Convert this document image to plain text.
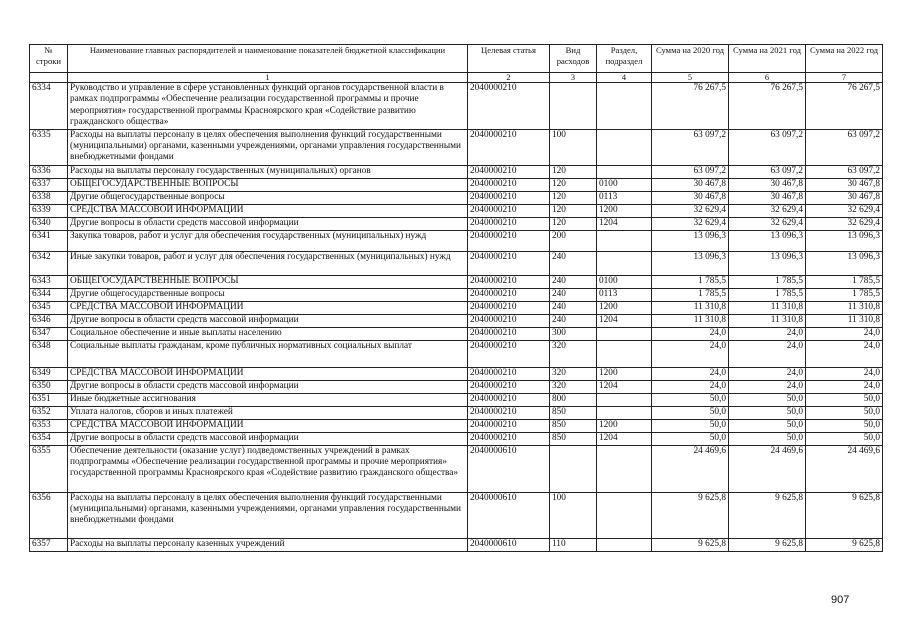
№ строки	Наименование главных распорядителей и наименование показателей бюджетной классификации	Целевая статья	Вид расходов	Раздел, подраздел	Сумма на 2020 год	Сумма на 2021 год	Сумма на 2022 год
	1	2	3	4	5	6	7
6334	Руководство и управление в сфере установленных функций органов государственной власти в рамках подпрограммы «Обеспечение реализации государственной программы и прочие мероприятия» государственной программы Красноярского края «Содействие развитию гражданского общества»	2040000210			76 267,5	76 267,5	76 267,5
6335	Расходы на выплаты персоналу в целях обеспечения выполнения функций государственными (муниципальными) органами, казенными учреждениями, органами управления государственными внебюджетными фондами	2040000210	100		63 097,2	63 097,2	63 097,2
6336	Расходы на выплаты персоналу государственных (муниципальных) органов	2040000210	120		63 097,2	63 097,2	63 097,2
6337	ОБЩЕГОСУДАРСТВЕННЫЕ ВОПРОСЫ	2040000210	120	0100	30 467,8	30 467,8	30 467,8
6338	Другие общегосударственные вопросы	2040000210	120	0113	30 467,8	30 467,8	30 467,8
6339	СРЕДСТВА МАССОВОЙ ИНФОРМАЦИИ	2040000210	120	1200	32 629,4	32 629,4	32 629,4
6340	Другие вопросы в области средств массовой информации	2040000210	120	1204	32 629,4	32 629,4	32 629,4
6341	Закупка товаров, работ и услуг для обеспечения государственных (муниципальных) нужд	2040000210	200		13 096,3	13 096,3	13 096,3
6342	Иные закупки товаров, работ и услуг для обеспечения государственных (муниципальных) нужд	2040000210	240		13 096,3	13 096,3	13 096,3
6343	ОБЩЕГОСУДАРСТВЕННЫЕ ВОПРОСЫ	2040000210	240	0100	1 785,5	1 785,5	1 785,5
6344	Другие общегосударственные вопросы	2040000210	240	0113	1 785,5	1 785,5	1 785,5
6345	СРЕДСТВА МАССОВОЙ ИНФОРМАЦИИ	2040000210	240	1200	11 310,8	11 310,8	11 310,8
6346	Другие вопросы в области средств массовой информации	2040000210	240	1204	11 310,8	11 310,8	11 310,8
6347	Социальное обеспечение и иные выплаты населению	2040000210	300		24,0	24,0	24,0
6348	Социальные выплаты гражданам, кроме публичных нормативных социальных выплат	2040000210	320		24,0	24,0	24,0
6349	СРЕДСТВА МАССОВОЙ ИНФОРМАЦИИ	2040000210	320	1200	24,0	24,0	24,0
6350	Другие вопросы в области средств массовой информации	2040000210	320	1204	24,0	24,0	24,0
6351	Иные бюджетные ассигнования	2040000210	800		50,0	50,0	50,0
6352	Уплата налогов, сборов и иных платежей	2040000210	850		50,0	50,0	50,0
6353	СРЕДСТВА МАССОВОЙ ИНФОРМАЦИИ	2040000210	850	1200	50,0	50,0	50,0
6354	Другие вопросы в области средств массовой информации	2040000210	850	1204	50,0	50,0	50,0
6355	Обеспечение деятельности (оказание услуг) подведомственных учреждений в рамках подпрограммы «Обеспечение реализации государственной программы и прочие мероприятия» государственной программы Красноярского края «Содействие развитию гражданского общества»	2040000610			24 469,6	24 469,6	24 469,6
6356	Расходы на выплаты персоналу в целях обеспечения выполнения функций государственными (муниципальными) органами, казенными учреждениями, органами управления государственными внебюджетными фондами	2040000610	100		9 625,8	9 625,8	9 625,8
6357	Расходы на выплаты персоналу казенных учреждений	2040000610	110		9 625,8	9 625,8	9 625,8
907
